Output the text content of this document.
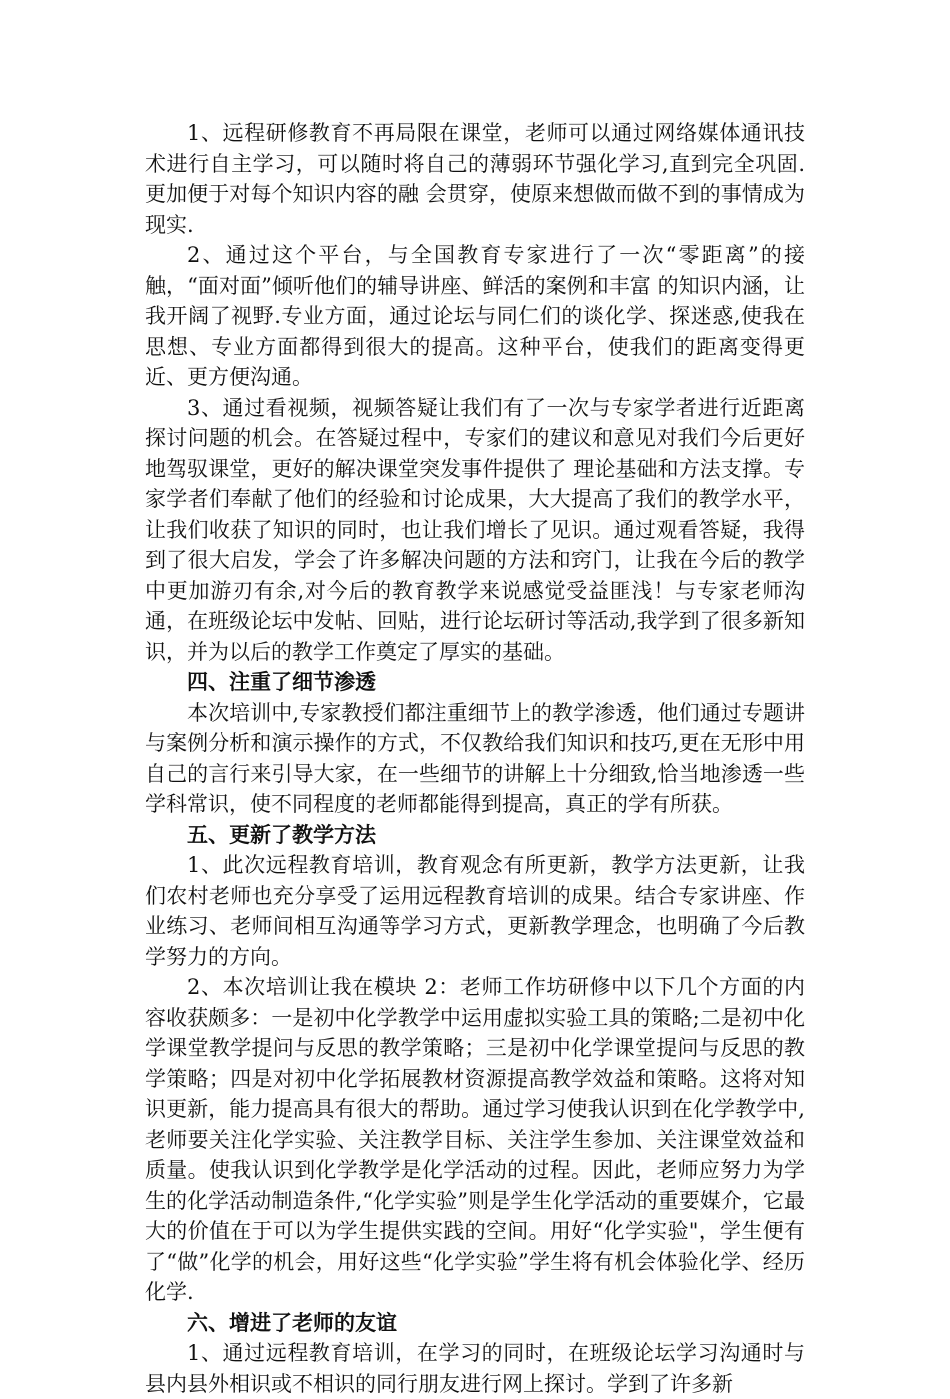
1、远程研修教育不再局限在课堂，老师可以通过网络媒体通讯技术进行自主学习，可以随时将自己的薄弱环节强化学习,直到完全巩固. 更加便于对每个知识内容的融 会贯穿，使原来想做而做不到的事情成为现实.

2、通过这个平台，与全国教育专家进行了一次“零距离”的接触，“面对面”倾听他们的辅导讲座、鲜活的案例和丰富 的知识内涵，让我开阔了视野.专业方面，通过论坛与同仁们的谈化学、探迷惑,使我在思想、专业方面都得到很大的提高。这种平台，使我们的距离变得更近、更方便沟通。

3、通过看视频，视频答疑让我们有了一次与专家学者进行近距离探讨问题的机会。在答疑过程中，专家们的建议和意见对我们今后更好地驾驭课堂，更好的解决课堂突发事件提供了 理论基础和方法支撑。专家学者们奉献了他们的经验和讨论成果，大大提高了我们的教学水平，让我们收获了知识的同时，也让我们增长了见识。通过观看答疑，我得到了很大启发，学会了许多解决问题的方法和窍门，让我在今后的教学中更加游刃有余,对今后的教育教学来说感觉受益匪浅！与专家老师沟通，在班级论坛中发帖、回贴，进行论坛研讨等活动,我学到了很多新知识，并为以后的教学工作奠定了厚实的基础。

四、注重了细节渗透

本次培训中,专家教授们都注重细节上的教学渗透，他们通过专题讲与案例分析和演示操作的方式，不仅教给我们知识和技巧,更在无形中用自己的言行来引导大家，在一些细节的讲解上十分细致,恰当地渗透一些学科常识，使不同程度的老师都能得到提高，真正的学有所获。

五、更新了教学方法

1、此次远程教育培训，教育观念有所更新，教学方法更新，让我们农村老师也充分享受了运用远程教育培训的成果。结合专家讲座、作业练习、老师间相互沟通等学习方式，更新教学理念，也明确了今后教学努力的方向。

2、本次培训让我在模块 2：老师工作坊研修中以下几个方面的内容收获颇多：一是初中化学教学中运用虚拟实验工具的策略;二是初中化学课堂教学提问与反思的教学策略；三是初中化学课堂提问与反思的教学策略；四是对初中化学拓展教材资源提高教学效益和策略。这将对知识更新，能力提高具有很大的帮助。通过学习使我认识到在化学教学中,老师要关注化学实验、关注教学目标、关注学生参加、关注课堂效益和质量。使我认识到化学教学是化学活动的过程。因此，老师应努力为学生的化学活动制造条件,“化学实验”则是学生化学活动的重要媒介，它最大的价值在于可以为学生提供实践的空间。用好“化学实验"，学生便有了“做”化学的机会，用好这些“化学实验”学生将有机会体验化学、经历化学.

六、增进了老师的友谊

1、通过远程教育培训，在学习的同时，在班级论坛学习沟通时与县内县外相识或不相识的同行朋友进行网上探讨。学到了许多新
